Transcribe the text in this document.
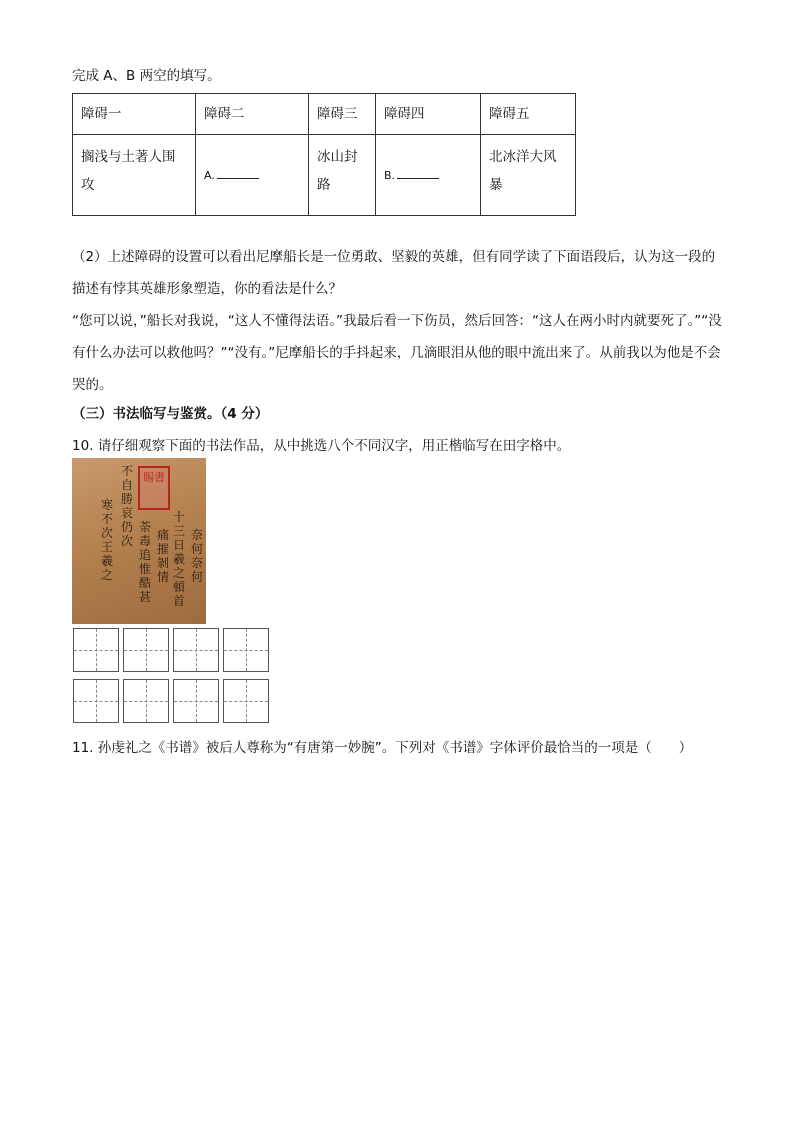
完成 A、B 两空的填写。
障碍一	障碍二	障碍三	障碍四	障碍五
搁浅与土著人围攻	A.	冰山封路	B.	北冰洋大风暴
（2）上述障碍的设置可以看出尼摩船长是一位勇敢、坚毅的英雄，但有同学读了下面语段后，认为这一段的描述有悖其英雄形象塑造，你的看法是什么？
“您可以说，”船长对我说，“这人不懂得法语。”我最后看一下伤员，然后回答：“这人在两小时内就要死了。”“没有什么办法可以救他吗？”“没有。”尼摩船长的手抖起来，几滴眼泪从他的眼中流出来了。从前我以为他是不会哭的。
（三）书法临写与鉴赏。（4 分）
10. 请仔细观察下面的书法作品，从中挑选八个不同汉字，用正楷临写在田字格中。
不自勝哀仍次
寒不次王羲之
十三日羲之頓首
痛摧剝情
荼毒追惟酷甚
奈何奈何
賜書
11. 孙虔礼之《书谱》被后人尊称为“有唐第一妙腕”。下列对《书谱》字体评价最恰当的一项是（　　）
